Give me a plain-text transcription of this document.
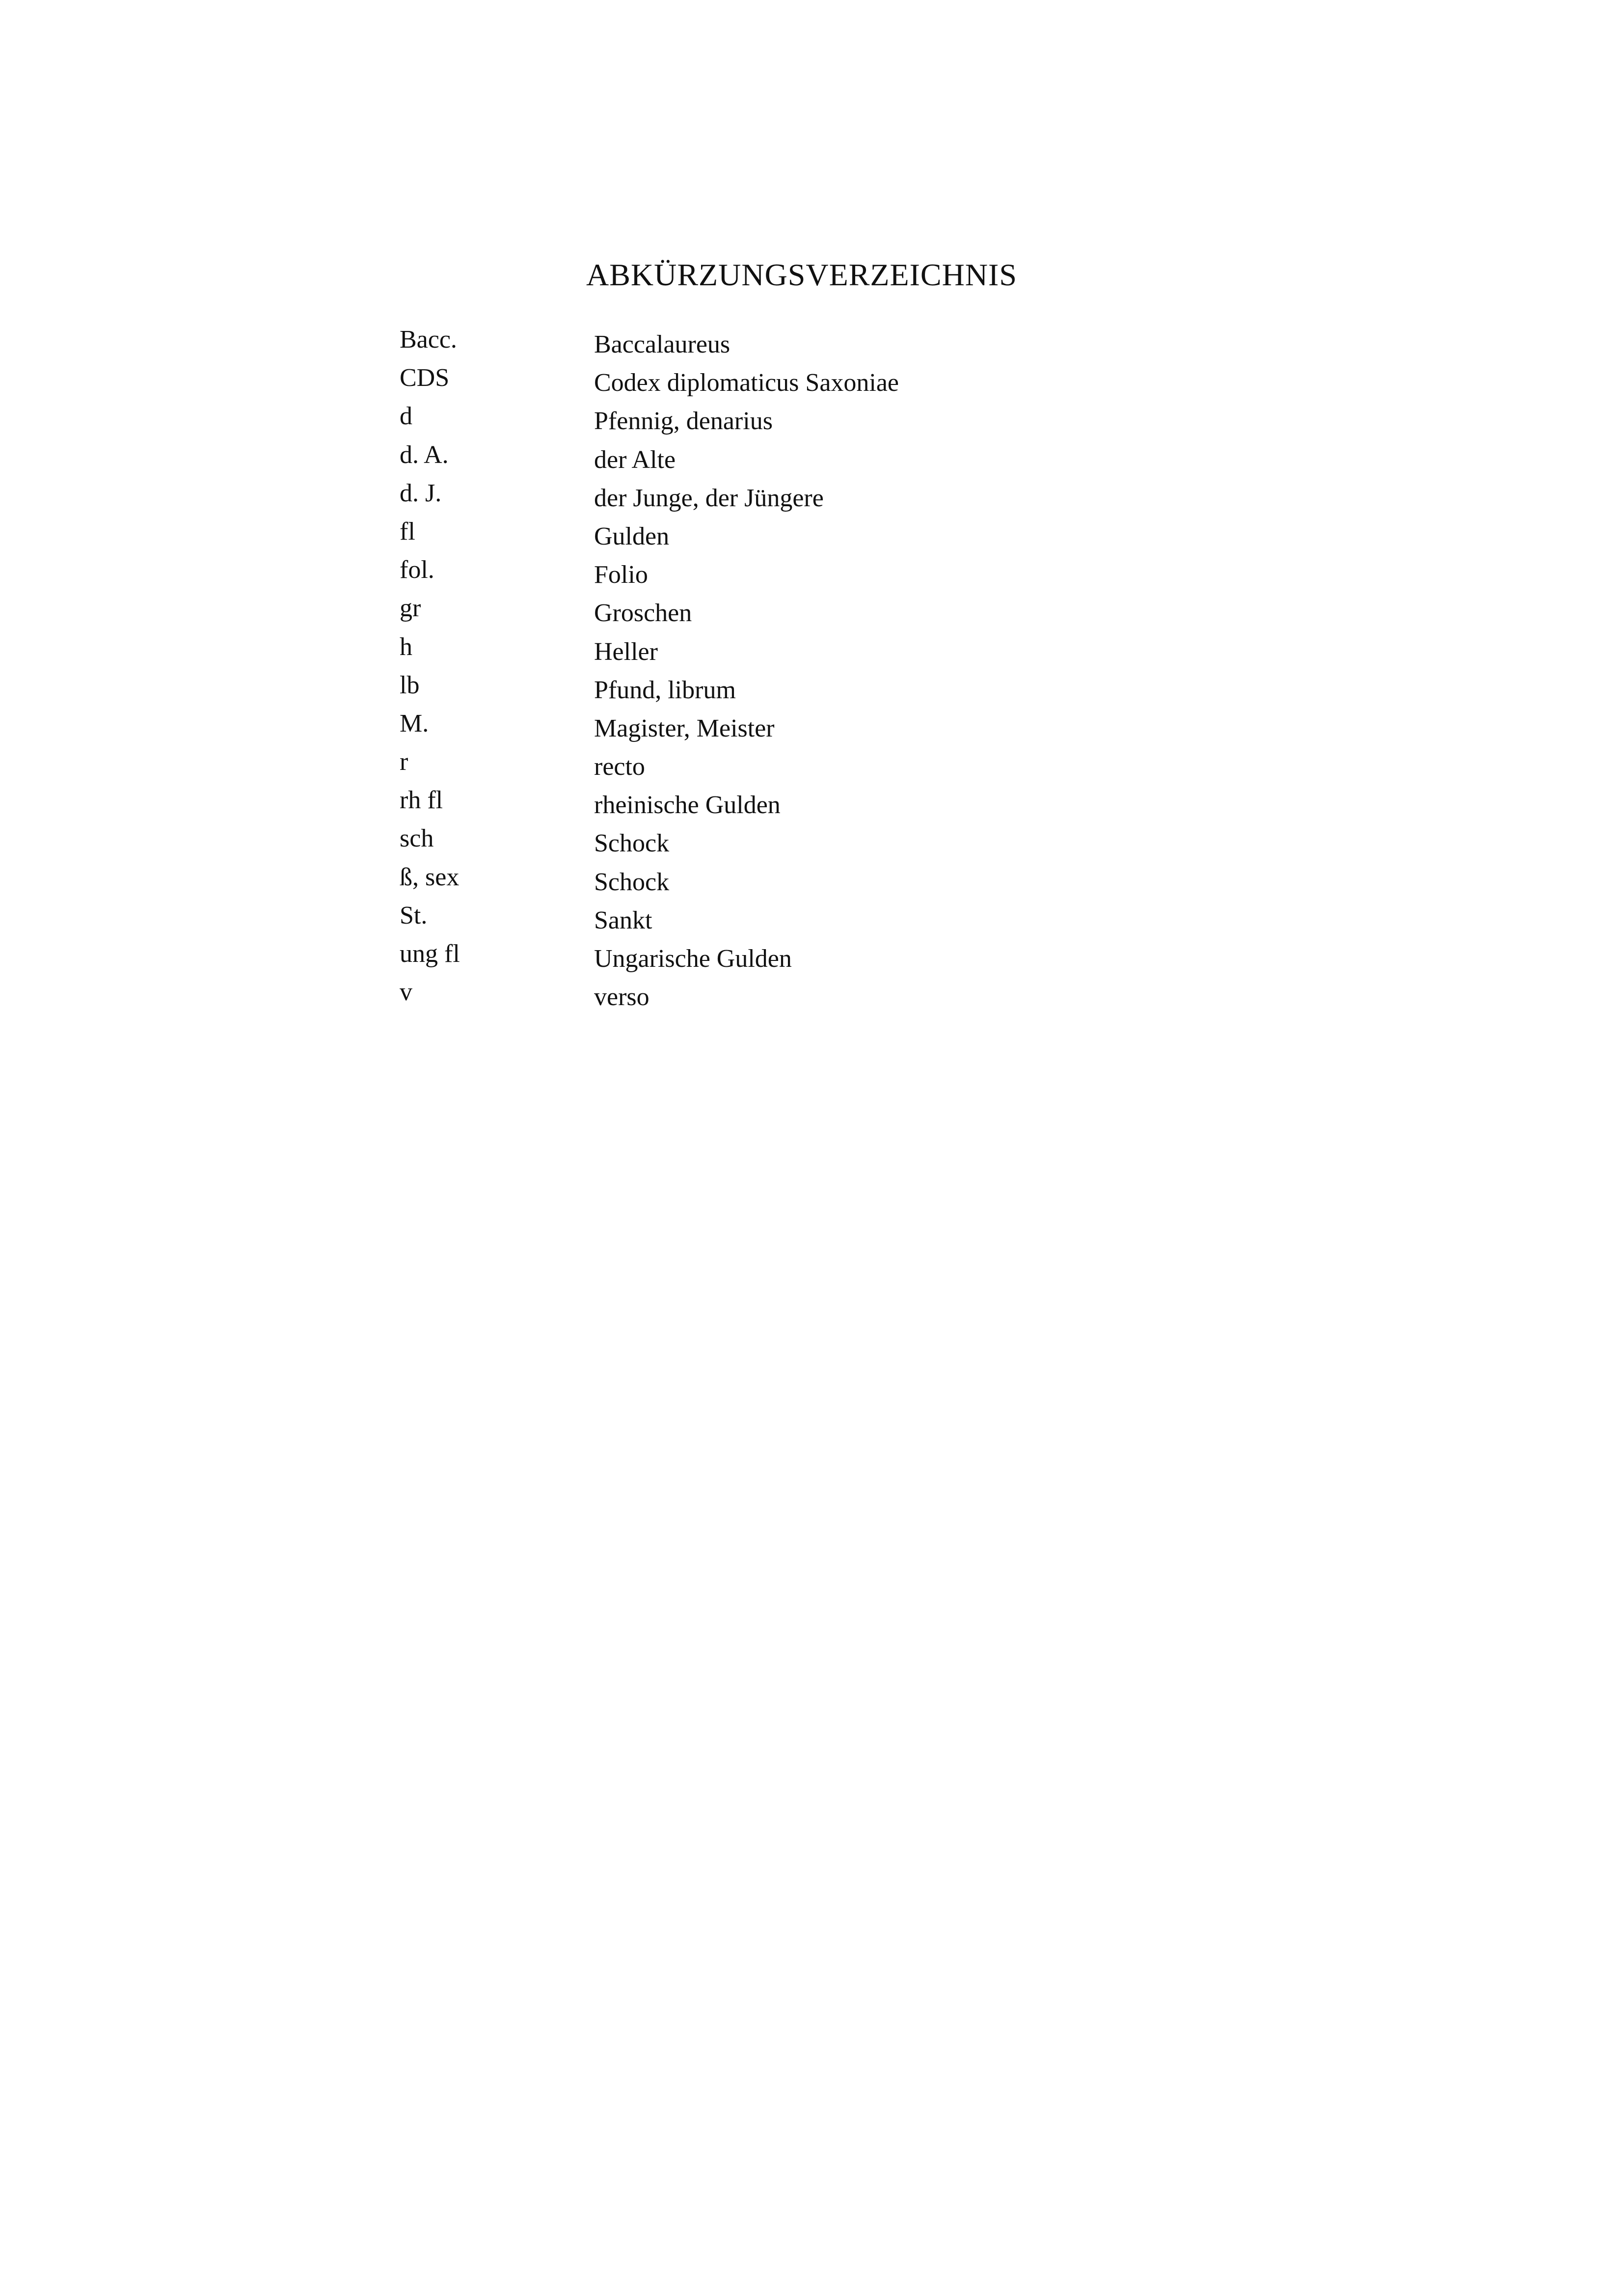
ABKÜRZUNGSVERZEICHNIS
Bacc.	Baccalaureus
CDS	Codex diplomaticus Saxoniae
d	Pfennig, denarius
d. A.	der Alte
d. J.	der Junge, der Jüngere
fl	Gulden
fol.	Folio
gr	Groschen
h	Heller
lb	Pfund, librum
M.	Magister, Meister
r	recto
rh fl	rheinische Gulden
sch	Schock
ß, sex	Schock
St.	Sankt
ung fl	Ungarische Gulden
v	verso
